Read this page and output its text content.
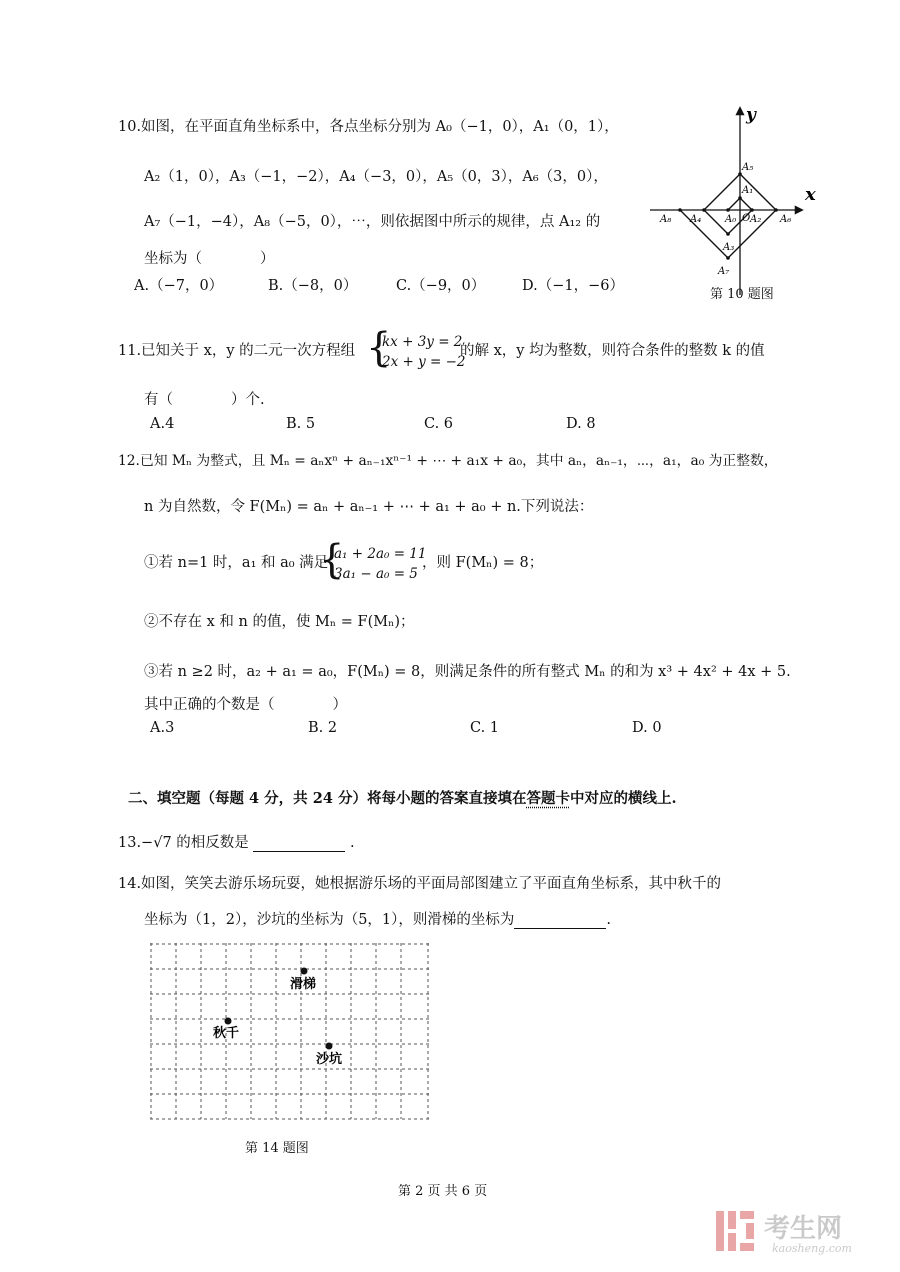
10.如图，在平面直角坐标系中，各点坐标分别为 A₀（−1，0），A₁（0，1），
A₂（1，0），A₃（−1，−2），A₄（−3，0），A₅（0，3），A₆（3，0），
A₇（−1，−4），A₈（−5，0），⋯，则依据图中所示的规律，点 A₁₂ 的
坐标为（　　　　）
A.（−7，0）	B.（−8，0）	C.（−9，0）	D.（−1，−6）
x
y
A₀
A₁
A₂
A₃
A₄
A₅
A₆
A₇
A₈	O
第 10 题图
11.已知关于 x，y 的二元一次方程组 {
kx + 3y = 2
2x + y = −2
的解 x，y 均为整数，则符合条件的整数 k 的值
有（　　　　）个.
A.4	B. 5	C. 6	D. 8
12.已知 Mₙ 为整式，且 Mₙ = aₙxⁿ + aₙ₋₁xⁿ⁻¹ + ⋯ + a₁x + a₀，其中 aₙ，aₙ₋₁，⋯，a₁，a₀ 为正整数，
n 为自然数，令 F(Mₙ) = aₙ + aₙ₋₁ + ⋯ + a₁ + a₀ + n.下列说法：
①若 n=1 时，a₁ 和 a₀ 满足
{
a₁ + 2a₀ = 11
3a₁ − a₀ = 5
，则 F(Mₙ) = 8；
②不存在 x 和 n 的值，使 Mₙ = F(Mₙ)；
③若 n ≥2 时，a₂ + a₁ = a₀，F(Mₙ) = 8，则满足条件的所有整式 Mₙ 的和为 x³ + 4x² + 4x + 5.
其中正确的个数是（　　　　）
A.3	B. 2	C. 1	D. 0
二、填空题（每题 4 分，共 24 分）将每小题的答案直接填在答题卡中对应的横线上.
13.−√7 的相反数是	.
14.如图，笑笑去游乐场玩耍，她根据游乐场的平面局部图建立了平面直角坐标系，其中秋千的
坐标为（1，2），沙坑的坐标为（5，1），则滑梯的坐标为	.
滑梯
秋千
沙坑
第 14 题图
第 2 页 共 6 页
考生网
kaosheng.com
